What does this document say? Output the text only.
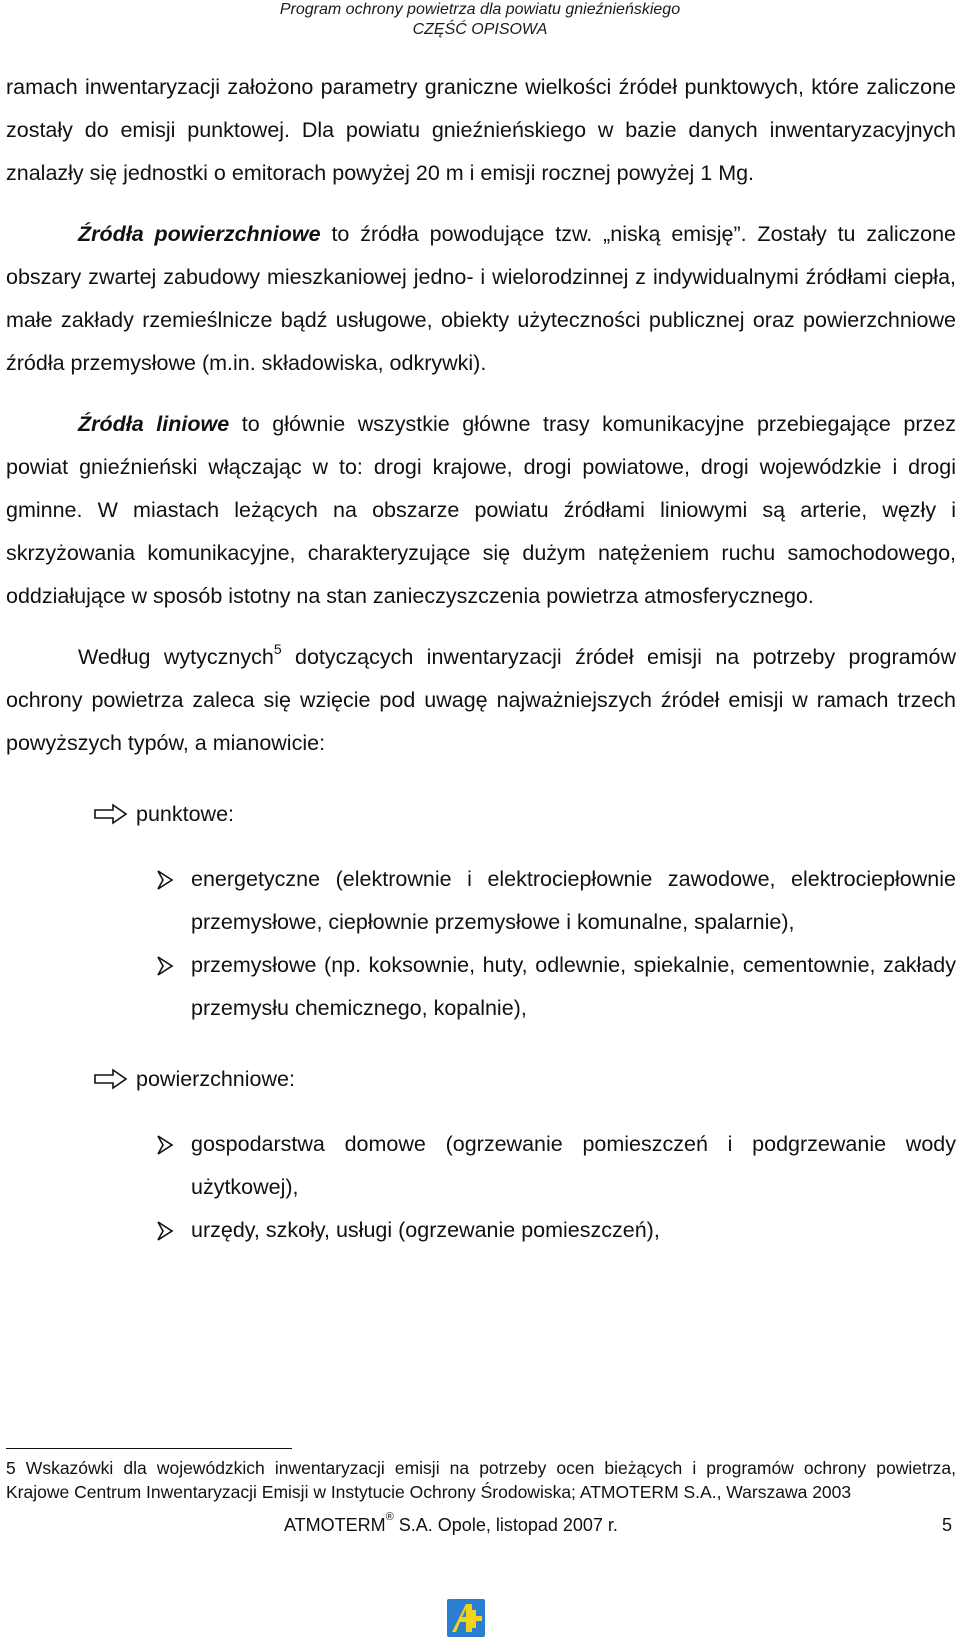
Program ochrony powietrza dla powiatu gnieźnieńskiego
CZĘŚĆ OPISOWA

ramach inwentaryzacji założono parametry graniczne wielkości źródeł punktowych, które zaliczone zostały do emisji punktowej. Dla powiatu gnieźnieńskiego w bazie danych inwentaryzacyjnych znalazły się jednostki o emitorach powyżej 20 m i emisji rocznej powyżej 1 Mg.

Źródła powierzchniowe to źródła powodujące tzw. „niską emisję”. Zostały tu zaliczone obszary zwartej zabudowy mieszkaniowej jedno- i wielorodzinnej z indywidualnymi źródłami ciepła, małe zakłady rzemieślnicze bądź usługowe, obiekty użyteczności publicznej oraz powierzchniowe źródła przemysłowe (m.in. składowiska, odkrywki).

Źródła liniowe to głównie wszystkie główne trasy komunikacyjne przebiegające przez powiat gnieźnieński włączając w to: drogi krajowe, drogi powiatowe, drogi wojewódzkie i drogi gminne. W miastach leżących na obszarze powiatu źródłami liniowymi są arterie, węzły i skrzyżowania komunikacyjne, charakteryzujące się dużym natężeniem ruchu samochodowego, oddziałujące w sposób istotny na stan zanieczyszczenia powietrza atmosferycznego.

Według wytycznych$^5$ dotyczących inwentaryzacji źródeł emisji na potrzeby programów ochrony powietrza zaleca się wzięcie pod uwagę najważniejszych źródeł emisji w ramach trzech powyższych typów, a mianowicie:

punktowe:

energetyczne (elektrownie i elektrociepłownie zawodowe, elektrociepłownie przemysłowe, ciepłownie przemysłowe i komunalne, spalarnie),

przemysłowe (np. koksownie, huty, odlewnie, spiekalnie, cementownie, zakłady przemysłu chemicznego, kopalnie),

powierzchniowe:

gospodarstwa domowe (ogrzewanie pomieszczeń i podgrzewanie wody użytkowej),

urzędy, szkoły, usługi (ogrzewanie pomieszczeń),

5 Wskazówki dla wojewódzkich inwentaryzacji emisji na potrzeby ocen bieżących i programów ochrony powietrza, Krajowe Centrum Inwentaryzacji Emisji w Instytucie Ochrony Środowiska; ATMOTERM S.A., Warszawa 2003
ATMOTERM® S.A. Opole, listopad 2007 r.	5
